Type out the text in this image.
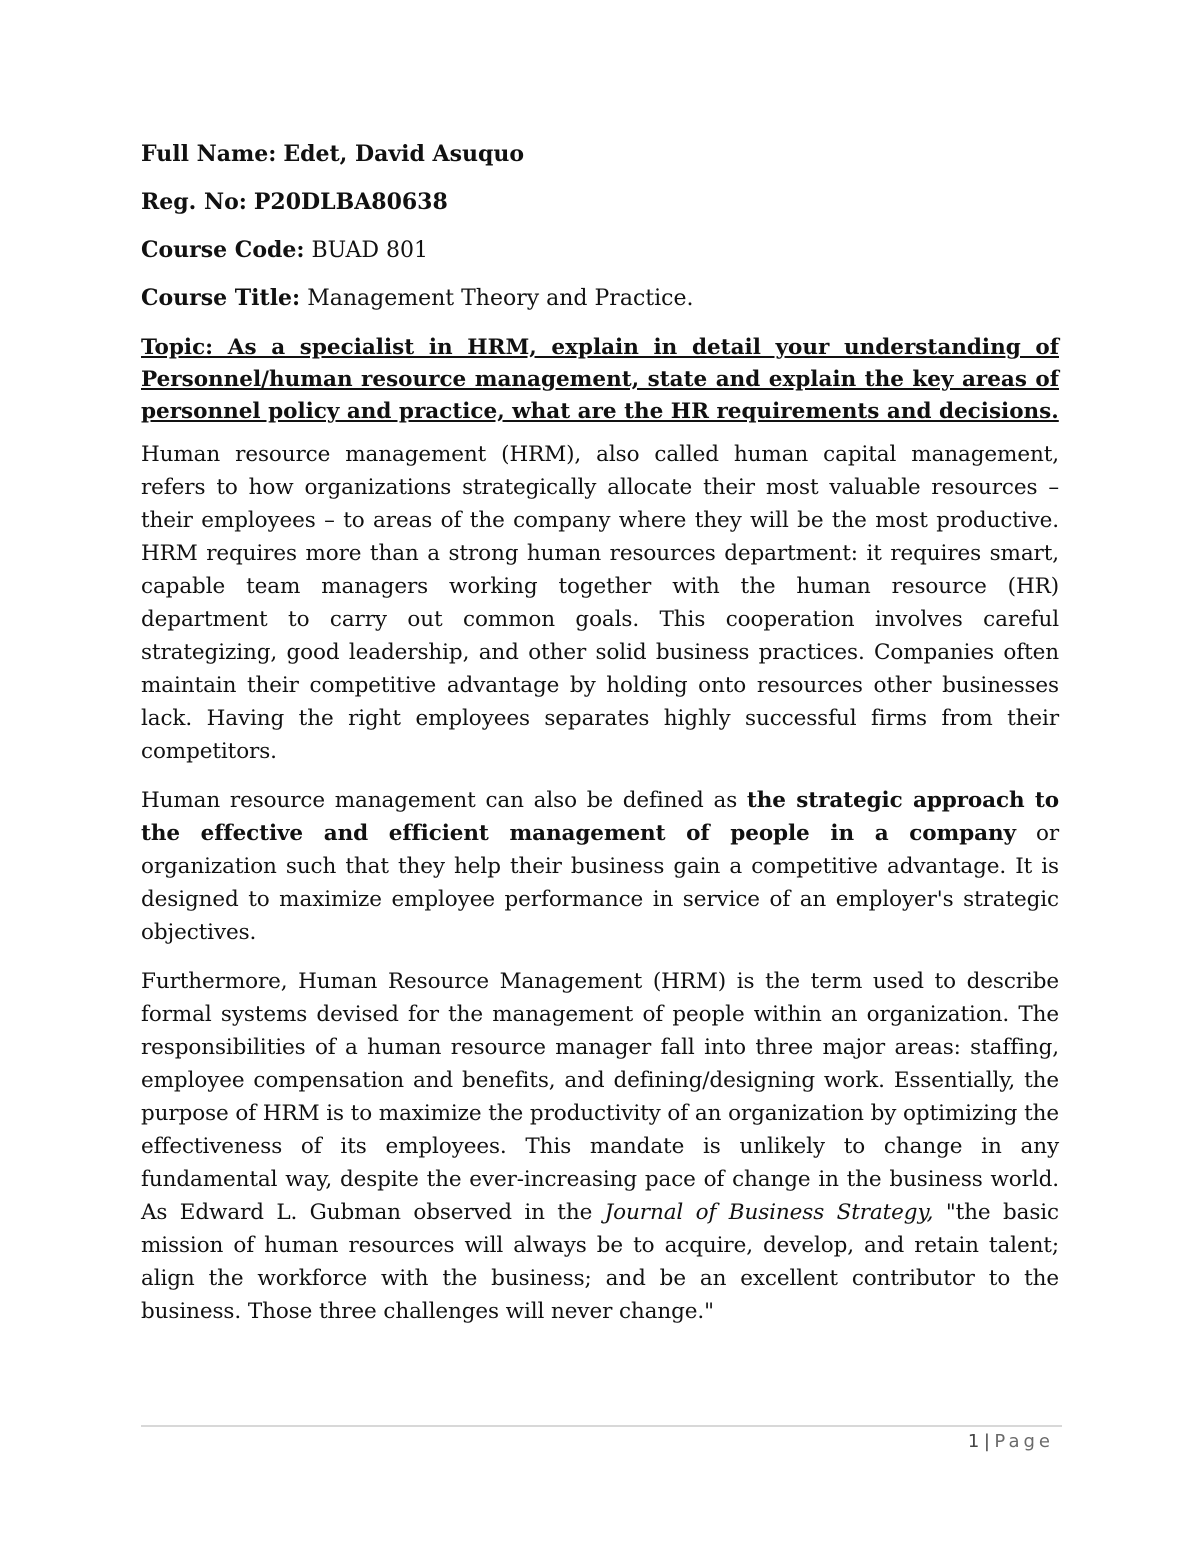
Full Name: Edet, David Asuquo

Reg. No: P20DLBA80638

Course Code: BUAD 801

Course Title: Management Theory and Practice.

Topic: As a specialist in HRM, explain in detail your understanding of Personnel/human resource management, state and explain the key areas of personnel policy and practice, what are the HR requirements and decisions.

Human resource management (HRM), also called human capital management, refers to how organizations strategically allocate their most valuable resources – their employees – to areas of the company where they will be the most productive. HRM requires more than a strong human resources department: it requires smart, capable team managers working together with the human resource (HR) department to carry out common goals. This cooperation involves careful strategizing, good leadership, and other solid business practices. Companies often maintain their competitive advantage by holding onto resources other businesses lack. Having the right employees separates highly successful firms from their competitors.

Human resource management can also be defined as the strategic approach to the effective and efficient management of people in a company or organization such that they help their business gain a competitive advantage. It is designed to maximize employee performance in service of an employer's strategic objectives.

Furthermore, Human Resource Management (HRM) is the term used to describe formal systems devised for the management of people within an organization. The responsibilities of a human resource manager fall into three major areas: staffing, employee compensation and benefits, and defining/designing work. Essentially, the purpose of HRM is to maximize the productivity of an organization by optimizing the effectiveness of its employees. This mandate is unlikely to change in any fundamental way, despite the ever-increasing pace of change in the business world. As Edward L. Gubman observed in the Journal of Business Strategy, "the basic mission of human resources will always be to acquire, develop, and retain talent; align the workforce with the business; and be an excellent contributor to the business. Those three challenges will never change."

1 | Page
